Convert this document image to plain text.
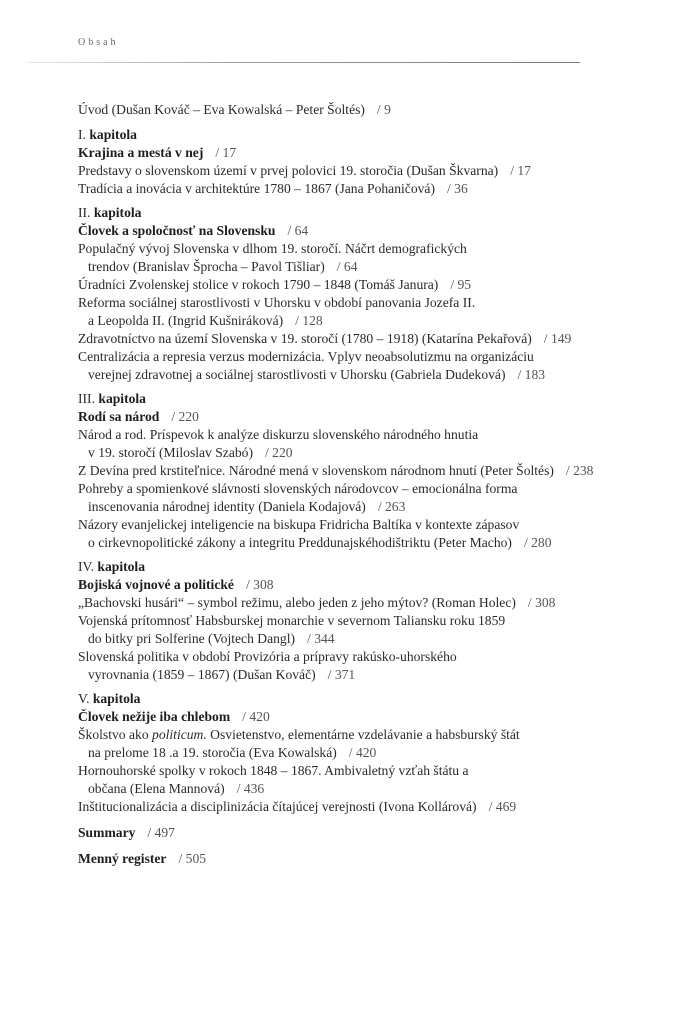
Obsah
Úvod (Dušan Kováč – Eva Kowalská – Peter Šoltés) / 9
I. kapitola
Krajina a mestá v nej / 17
Predstavy o slovenskom území v prvej polovici 19. storočia (Dušan Škvarna) / 17
Tradícia a inovácia v architektúre 1780 – 1867 (Jana Pohaničová) / 36
II. kapitola
Človek a spoločnosť na Slovensku / 64
Populačný vývoj Slovenska v dlhom 19. storočí. Náčrt demografických
trendov (Branislav Šprocha – Pavol Tišliar) / 64
Úradníci Zvolenskej stolice v rokoch 1790 – 1848 (Tomáš Janura) / 95
Reforma sociálnej starostlivosti v Uhorsku v období panovania Jozefa II.
a Leopolda II. (Ingrid Kušniráková) / 128
Zdravotníctvo na území Slovenska v 19. storočí (1780 – 1918) (Katarína Pekařová) / 149
Centralizácia a represia verzus modernizácia. Vplyv neoabsolutizmu na organizáciu
verejnej zdravotnej a sociálnej starostlivosti v Uhorsku (Gabriela Dudeková) / 183
III. kapitola
Rodí sa národ / 220
Národ a rod. Príspevok k analýze diskurzu slovenského národného hnutia
v 19. storočí (Miloslav Szabó) / 220
Z Devína pred krstiteľnice. Národné mená v slovenskom národnom hnutí (Peter Šoltés) / 238
Pohreby a spomienkové slávnosti slovenských národovcov – emocionálna forma
inscenovania národnej identity (Daniela Kodajová) / 263
Názory evanjelickej inteligencie na biskupa Fridricha Baltíka v kontexte zápasov
o cirkevnopolitické zákony a integritu Preddunajskéhodištriktu (Peter Macho) / 280
IV. kapitola
Bojiská vojnové a politické / 308
„Bachovski husári“ – symbol režimu, alebo jeden z jeho mýtov? (Roman Holec) / 308
Vojenská prítomnosť Habsburskej monarchie v severnom Taliansku roku 1859
do bitky pri Solferine (Vojtech Dangl) / 344
Slovenská politika v období Provizória a prípravy rakúsko-uhorského
vyrovnania (1859 – 1867) (Dušan Kováč) / 371
V. kapitola
Človek nežije iba chlebom / 420
Školstvo ako politicum. Osvietenstvo, elementárne vzdelávanie a habsburský štát
na prelome 18 .a 19. storočia (Eva Kowalská) / 420
Hornouhorské spolky v rokoch 1848 – 1867. Ambivaletný vzťah štátu a
občana (Elena Mannová) / 436
Inštitucionalizácia a disciplinizácia čítajúcej verejnosti (Ivona Kollárová) / 469
Summary / 497
Menný register / 505
